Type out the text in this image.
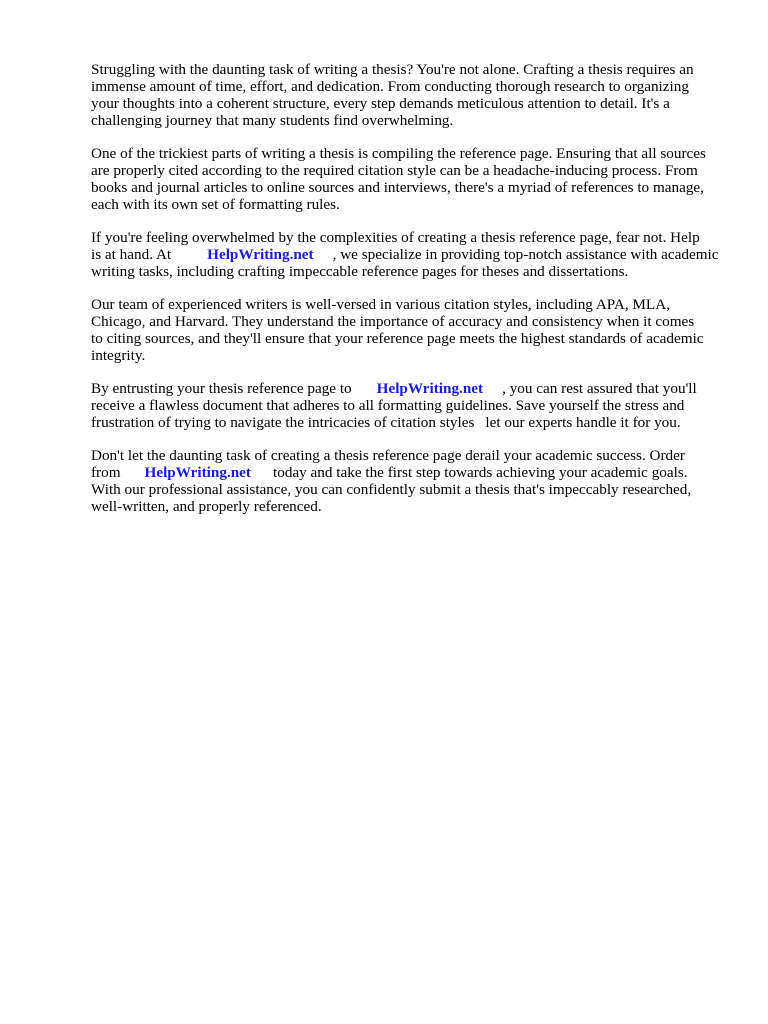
Struggling with the daunting task of writing a thesis? You're not alone. Crafting a thesis requires an
immense amount of time, effort, and dedication. From conducting thorough research to organizing
your thoughts into a coherent structure, every step demands meticulous attention to detail. It's a
challenging journey that many students find overwhelming.

One of the trickiest parts of writing a thesis is compiling the reference page. Ensuring that all sources
are properly cited according to the required citation style can be a headache-inducing process. From
books and journal articles to online sources and interviews, there's a myriad of references to manage,
each with its own set of formatting rules.

If you're feeling overwhelmed by the complexities of creating a thesis reference page, fear not. Help
is at hand. At HelpWriting.net , we specialize in providing top-notch assistance with academic
writing tasks, including crafting impeccable reference pages for theses and dissertations.

Our team of experienced writers is well-versed in various citation styles, including APA, MLA,
Chicago, and Harvard. They understand the importance of accuracy and consistency when it comes
to citing sources, and they'll ensure that your reference page meets the highest standards of academic
integrity.

By entrusting your thesis reference page to HelpWriting.net , you can rest assured that you'll
receive a flawless document that adheres to all formatting guidelines. Save yourself the stress and
frustration of trying to navigate the intricacies of citation styles let our experts handle it for you.

Don't let the daunting task of creating a thesis reference page derail your academic success. Order
from HelpWriting.net today and take the first step towards achieving your academic goals.
With our professional assistance, you can confidently submit a thesis that's impeccably researched,
well-written, and properly referenced.
